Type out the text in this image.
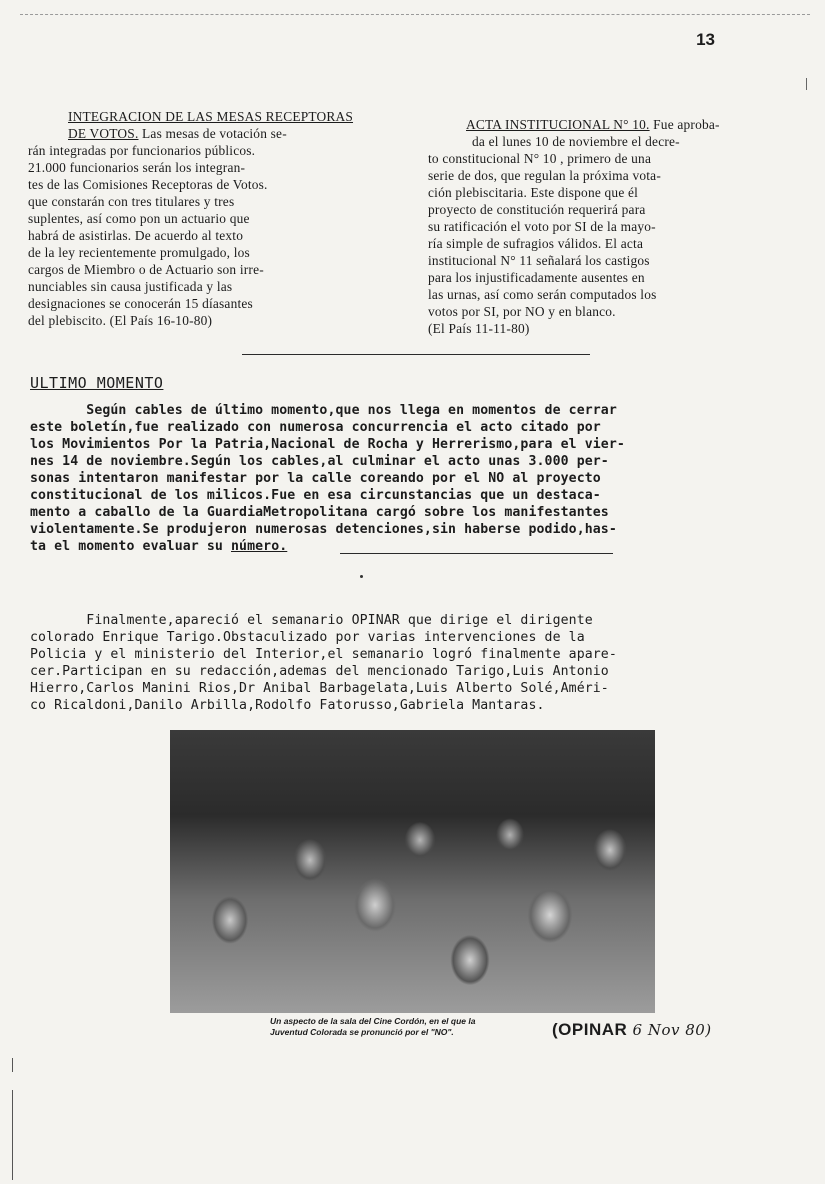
13
INTEGRACION DE LAS MESAS RECEPTORAS
DE VOTOS. Las mesas de votación se-
rán integradas por funcionarios públicos.
21.000 funcionarios serán los integran-
tes de las Comisiones Receptoras de Votos.
que constarán con tres titulares y tres
suplentes, así como pon un actuario que
habrá de asistirlas. De acuerdo al texto
de la ley recientemente promulgado, los
cargos de Miembro o de Actuario son irre-
nunciables sin causa justificada y las
designaciones se conocerán 15 díasantes
del plebiscito. (El País 16-10-80)
ACTA INSTITUCIONAL N° 10. Fue aproba-
da el lunes 10 de noviembre el decre-
to constitucional N° 10 , primero de una
serie de dos, que regulan la próxima vota-
ción plebiscitaria. Este dispone que él
proyecto de constitución requerirá para
su ratificación el voto por SI de la mayo-
ría simple de sufragios válidos. El acta
institucional N° 11 señalará los castigos
para los injustificadamente ausentes en
las urnas, así como serán computados los
votos por SI, por NO y en blanco.
(El País 11-11-80)
ULTIMO MOMENTO
Según cables de último momento,que nos llega en momentos de cerrar
este boletín,fue realizado con numerosa concurrencia el acto citado por
los Movimientos Por la Patria,Nacional de Rocha y Herrerismo,para el vier-
nes 14 de noviembre.Según los cables,al culminar el acto unas 3.000 per-
sonas intentaron manifestar por la calle coreando por el NO al proyecto
constitucional de los milicos.Fue en esa circunstancias que un destaca-
mento a caballo de la GuardiaMetropolitana cargó sobre los manifestantes
violentamente.Se produjeron numerosas detenciones,sin haberse podido,has-
ta el momento evaluar su número.
Finalmente,apareció el semanario OPINAR que dirige el dirigente
colorado Enrique Tarigo.Obstaculizado por varias intervenciones de la
Policia y el ministerio del Interior,el semanario logró finalmente apare-
cer.Participan en su redacción,ademas del mencionado Tarigo,Luis Antonio
Hierro,Carlos Manini Rios,Dr Anibal Barbagelata,Luis Alberto Solé,Améri-
co Ricaldoni,Danilo Arbilla,Rodolfo Fatorusso,Gabriela Mantaras.
Un aspecto de la sala del Cine Cordón, en el que la
Juventud Colorada se pronunció por el "NO".	(OPINAR 6 Nov 80)
